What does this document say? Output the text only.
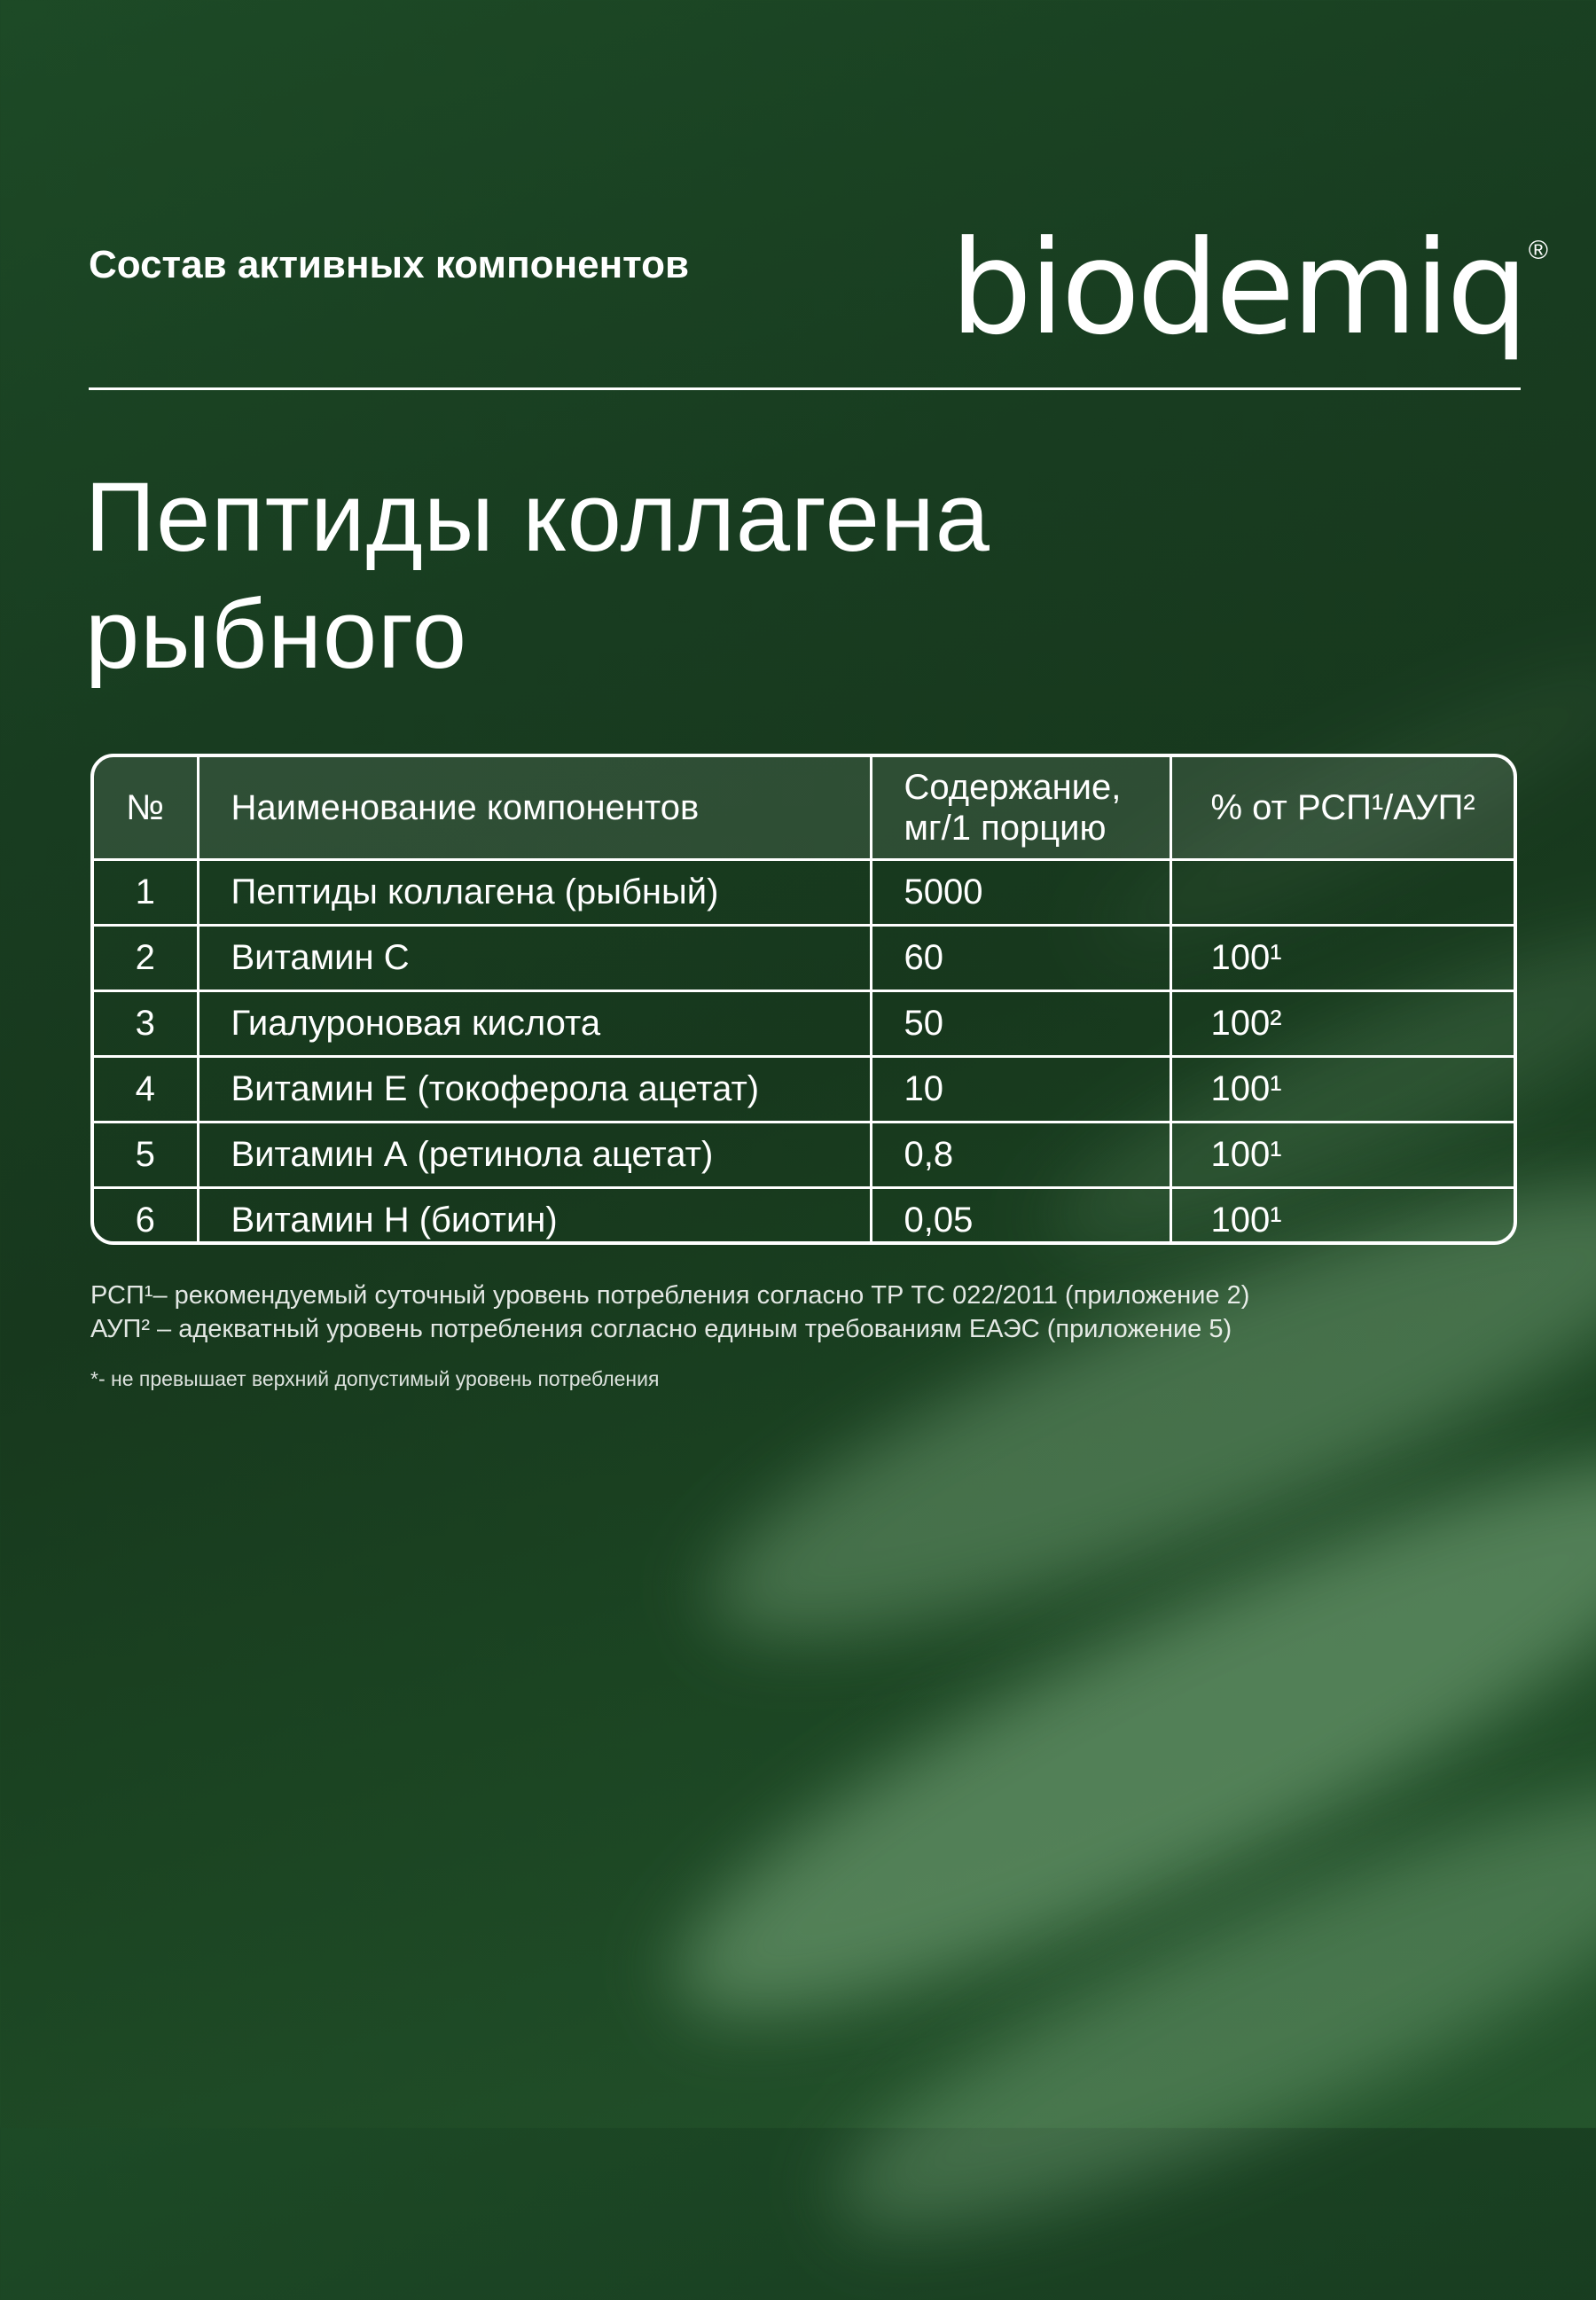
Состав активных компонентов biodemiq ®
Пептиды коллагена
рыбного
№	Наименование компонентов	Содержание,
мг/1 порцию	% от РСП¹/АУП²
1	Пептиды коллагена (рыбный)	5000	
2	Витамин С	60	100¹
3	Гиалуроновая кислота	50	100²
4	Витамин Е (токоферола ацетат)	10	100¹
5	Витамин А (ретинола ацетат)	0,8	100¹
6	Витамин Н (биотин)	0,05	100¹

РСП¹– рекомендуемый суточный уровень потребления согласно ТР ТС 022/2011 (приложение 2)

АУП² – адекватный уровень потребления согласно единым требованиям ЕАЭС (приложение 5)

*- не превышает верхний допустимый уровень потребления
